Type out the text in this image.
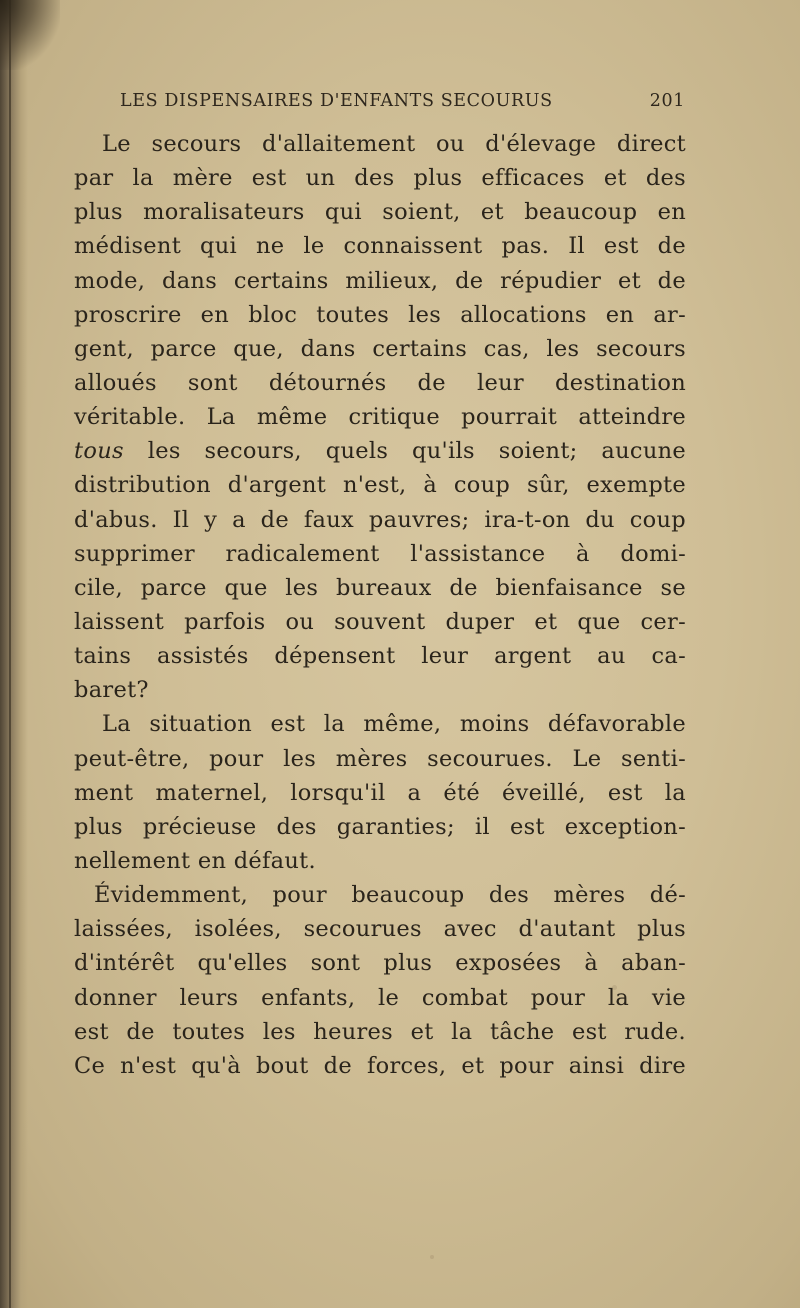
LES DISPENSAIRES D'ENFANTS SECOURUS	201
Le secours d'allaitement ou d'élevage direct
par la mère est un des plus efficaces et des
plus moralisateurs qui soient, et beaucoup en
médisent qui ne le connaissent pas. Il est de
mode, dans certains milieux, de répudier et de
proscrire en bloc toutes les allocations en ar-
gent, parce que, dans certains cas, les secours
alloués sont détournés de leur destination
véritable. La même critique pourrait atteindre
tous les secours, quels qu'ils soient; aucune
distribution d'argent n'est, à coup sûr, exempte
d'abus. Il y a de faux pauvres; ira-t-on du coup
supprimer radicalement l'assistance à domi-
cile, parce que les bureaux de bienfaisance se
laissent parfois ou souvent duper et que cer-
tains assistés dépensent leur argent au ca-
baret?
La situation est la même, moins défavorable
peut-être, pour les mères secourues. Le senti-
ment maternel, lorsqu'il a été éveillé, est la
plus précieuse des garanties; il est exception-
nellement en défaut.
Évidemment, pour beaucoup des mères dé-
laissées, isolées, secourues avec d'autant plus
d'intérêt qu'elles sont plus exposées à aban-
donner leurs enfants, le combat pour la vie
est de toutes les heures et la tâche est rude.
Ce n'est qu'à bout de forces, et pour ainsi dire
